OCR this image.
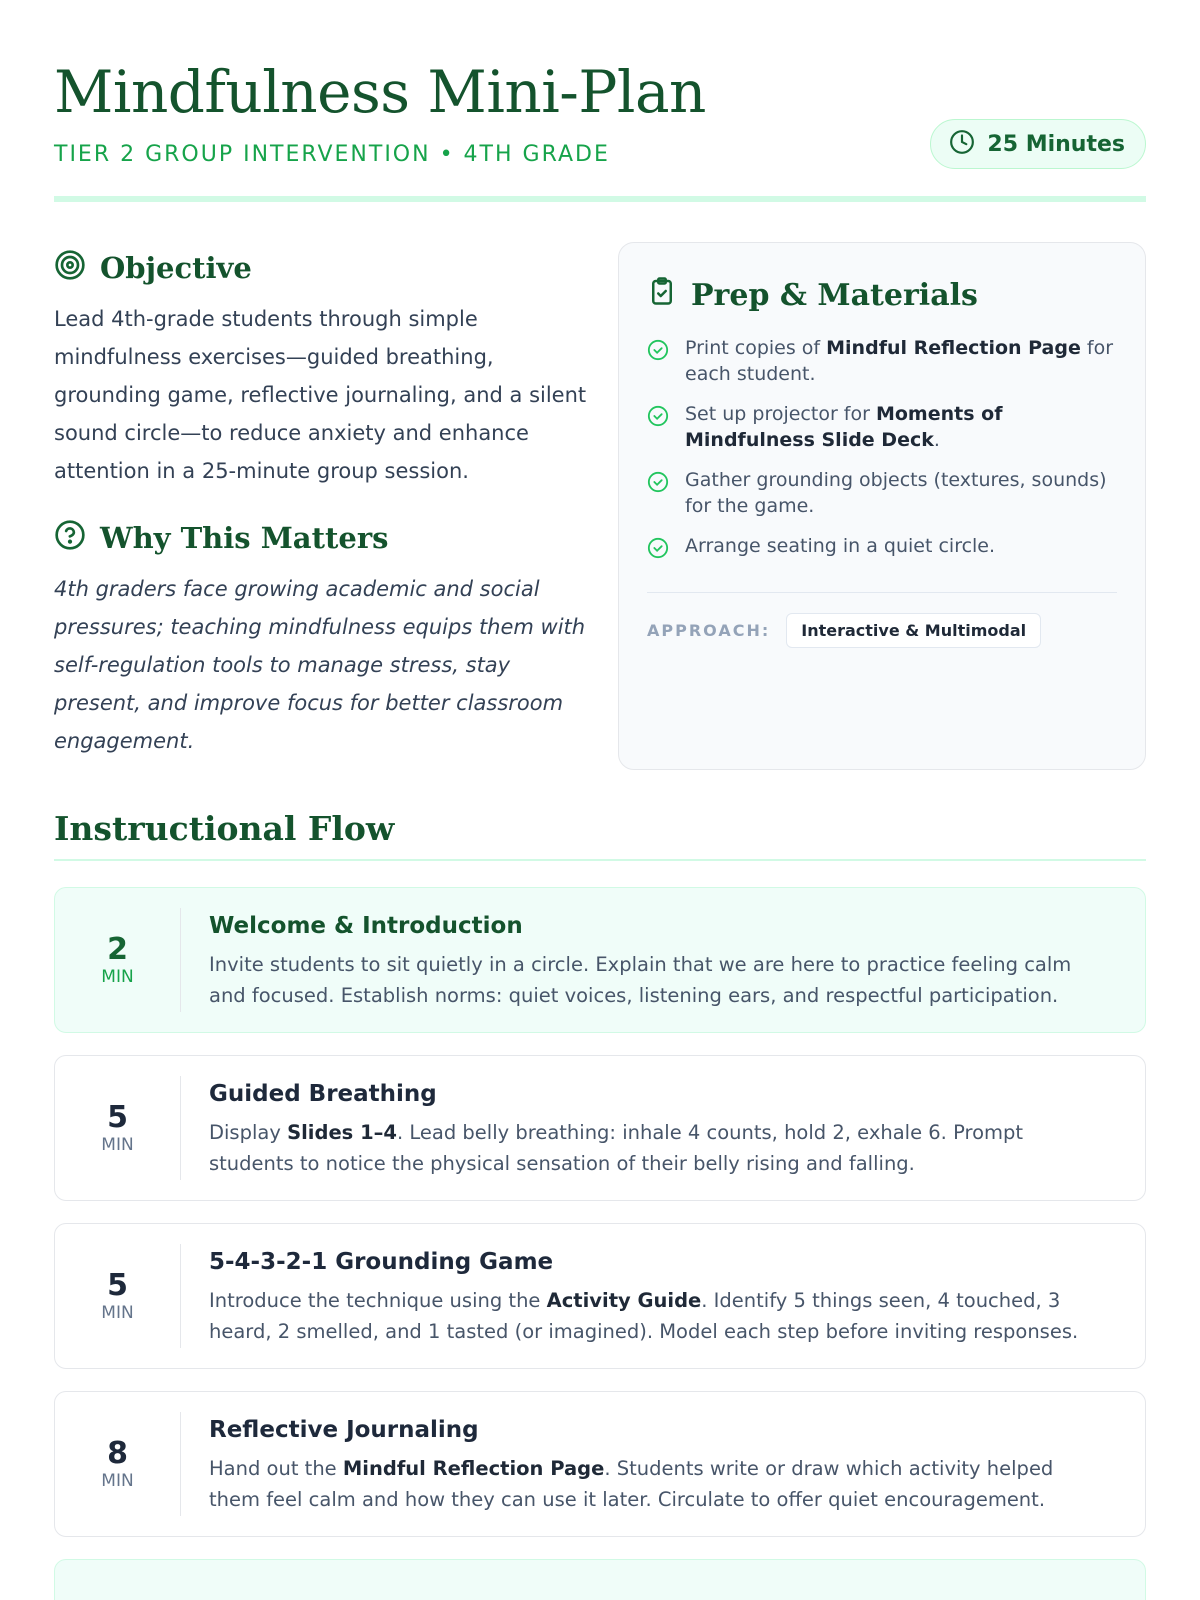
Mindfulness Mini-Plan
TIER 2 GROUP INTERVENTION • 4TH GRADE	25 Minutes
Objective

Lead 4th-grade students through simple mindfulness exercises—guided breathing, grounding game, reflective journaling, and a silent sound circle—to reduce anxiety and enhance attention in a 25-minute group session.

Why This Matters

4th graders face growing academic and social pressures; teaching mindfulness equips them with self-regulation tools to manage stress, stay present, and improve focus for better classroom engagement.

Prep & Materials
Print copies of Mindful Reflection Page for each student.
Set up projector for Moments of Mindfulness Slide Deck.
Gather grounding objects (textures, sounds) for the game.
Arrange seating in a quiet circle.
APPROACH:	Interactive & Multimodal
Instructional Flow
2
MIN
Welcome & Introduction
Invite students to sit quietly in a circle. Explain that we are here to practice feeling calm and focused. Establish norms: quiet voices, listening ears, and respectful participation.
5
MIN
Guided Breathing
Display Slides 1–4. Lead belly breathing: inhale 4 counts, hold 2, exhale 6. Prompt students to notice the physical sensation of their belly rising and falling.
5
MIN
5-4-3-2-1 Grounding Game
Introduce the technique using the Activity Guide. Identify 5 things seen, 4 touched, 3 heard, 2 smelled, and 1 tasted (or imagined). Model each step before inviting responses.
8
MIN
Reflective Journaling
Hand out the Mindful Reflection Page. Students write or draw which activity helped them feel calm and how they can use it later. Circulate to offer quiet encouragement.
